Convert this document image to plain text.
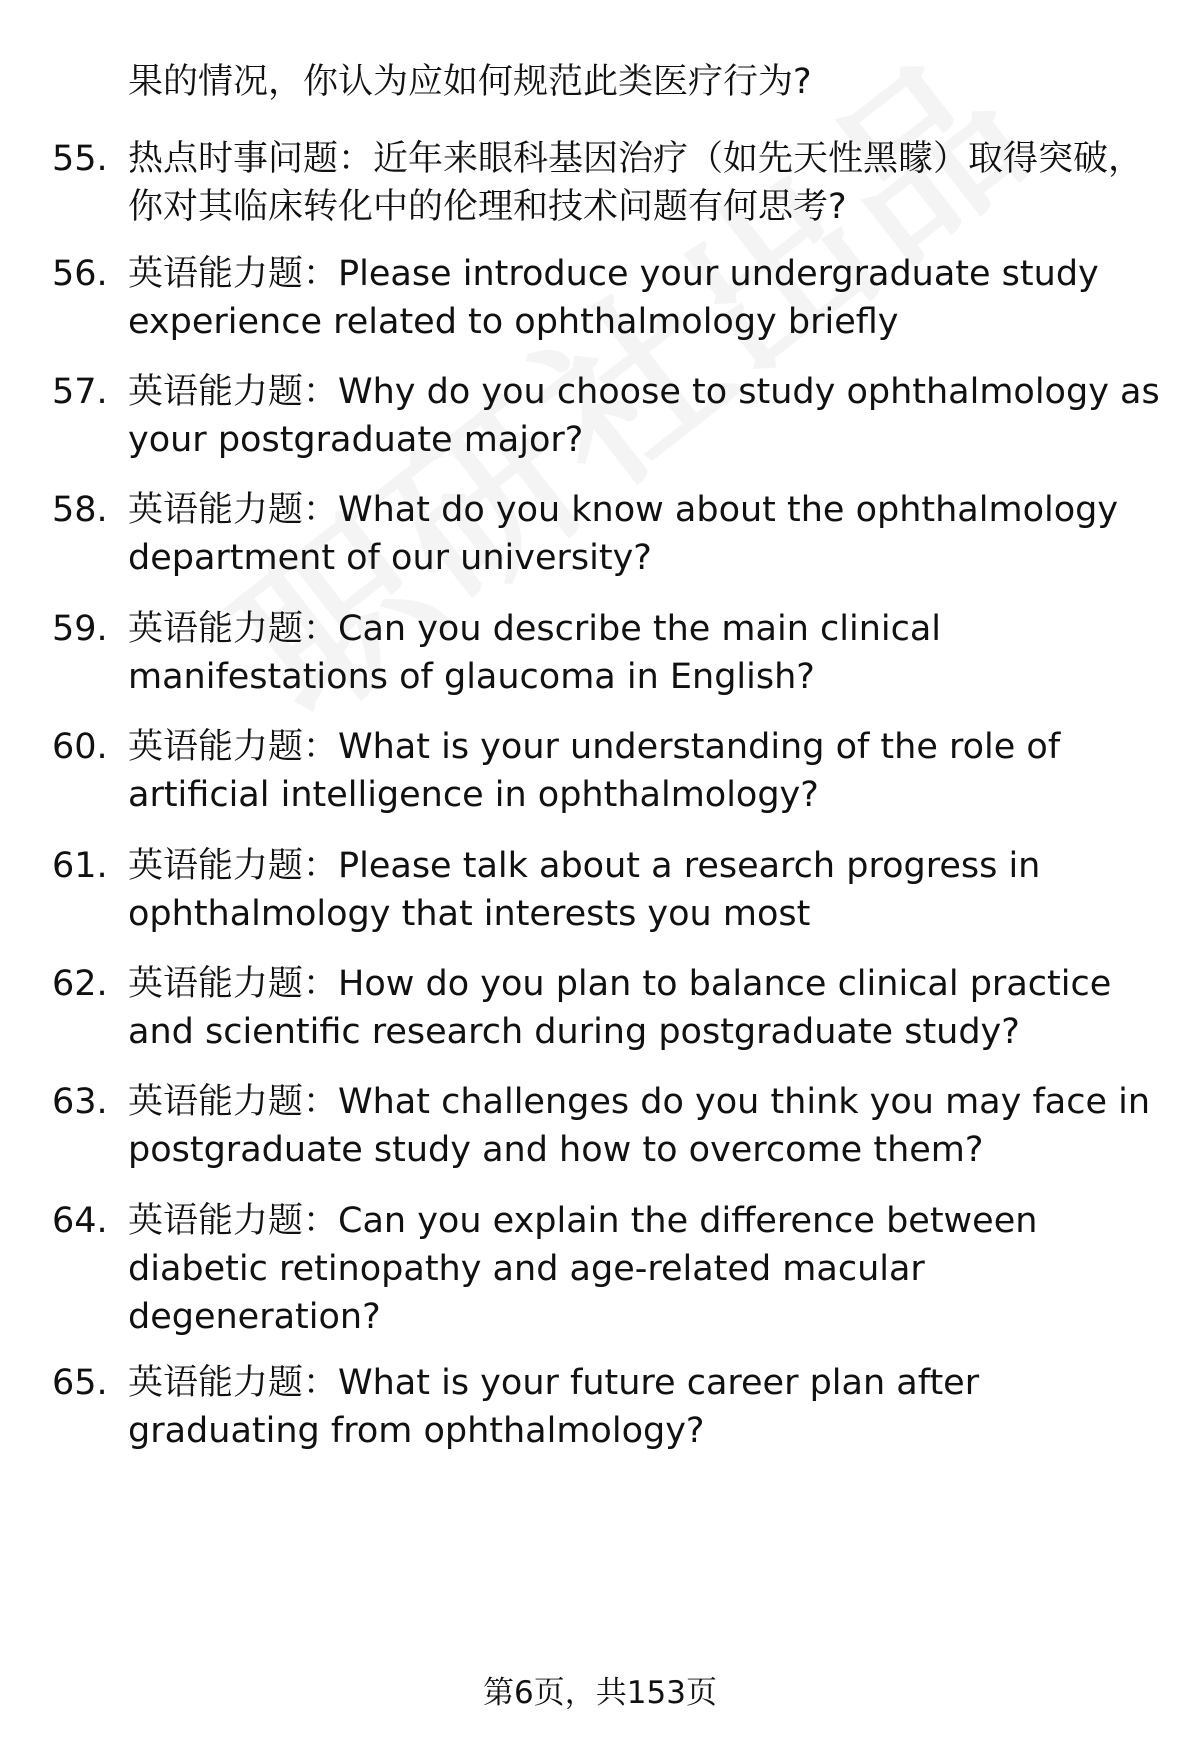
果的情况，你认为应如何规范此类医疗行为?
55. 热点时事问题：近年来眼科基因治疗（如先天性黑矇）取得突破，你对其临床转化中的伦理和技术问题有何思考?
56. 英语能力题：Please introduce your undergraduate study experience related to ophthalmology briefly
57. 英语能力题：Why do you choose to study ophthalmology as your postgraduate major?
58. 英语能力题：What do you know about the ophthalmology department of our university?
59. 英语能力题：Can you describe the main clinical manifestations of glaucoma in English?
60. 英语能力题：What is your understanding of the role of artificial intelligence in ophthalmology?
61. 英语能力题：Please talk about a research progress in ophthalmology that interests you most
62. 英语能力题：How do you plan to balance clinical practice and scientific research during postgraduate study?
63. 英语能力题：What challenges do you think you may face in postgraduate study and how to overcome them?
64. 英语能力题：Can you explain the difference between diabetic retinopathy and age-related macular degeneration?
65. 英语能力题：What is your future career plan after graduating from ophthalmology?
第6页，共153页
